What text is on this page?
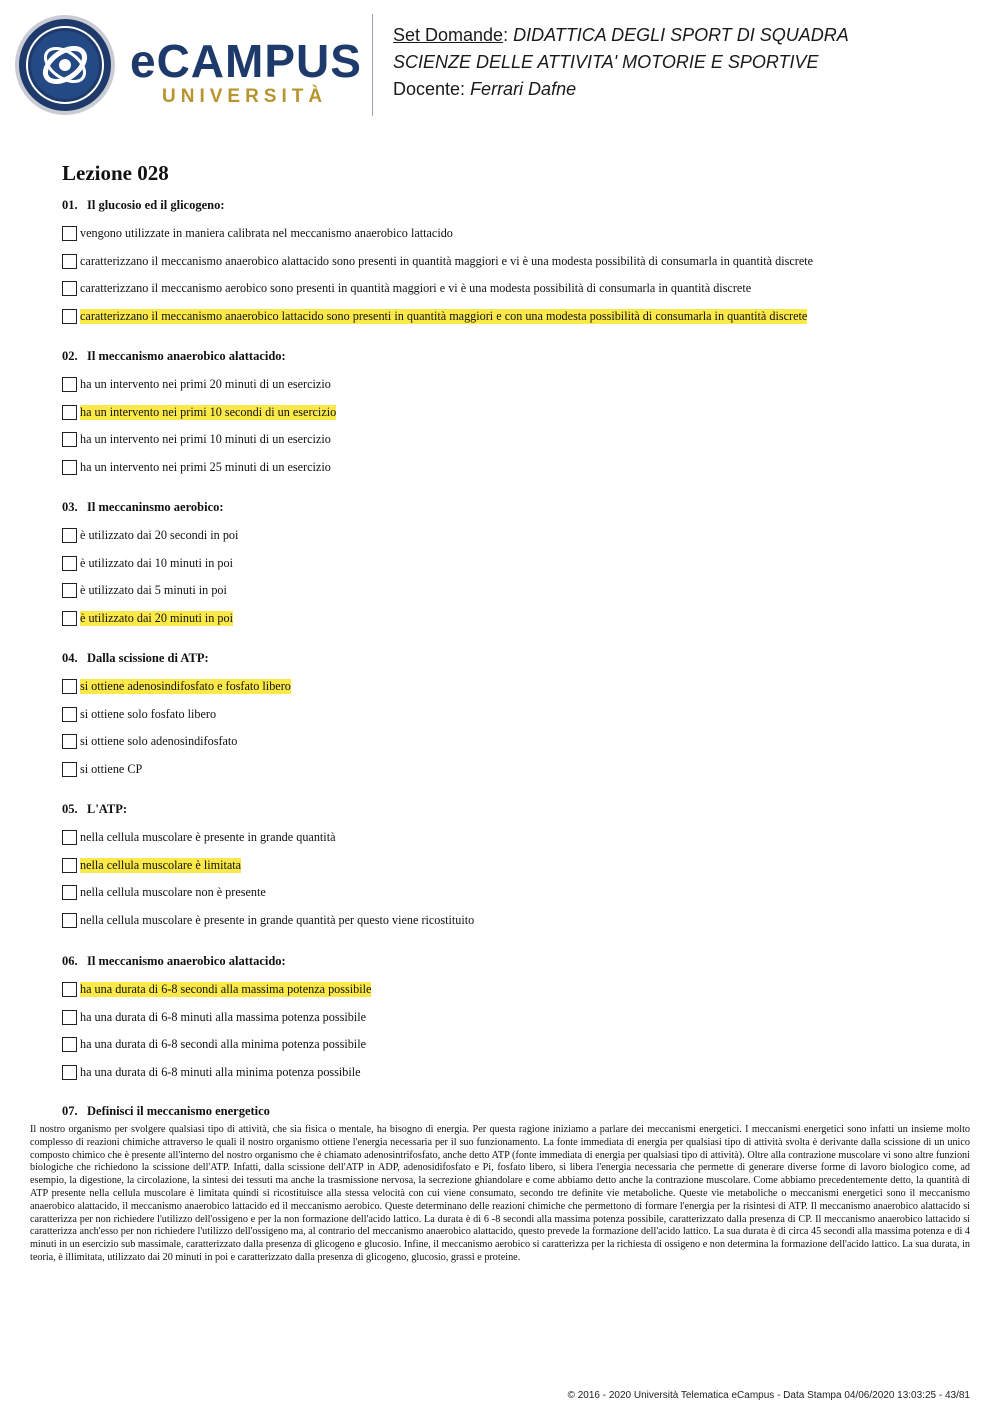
eCAMPUS
UNIVERSITÀ
Set Domande: DIDATTICA DEGLI SPORT DI SQUADRA
SCIENZE DELLE ATTIVITA' MOTORIE E SPORTIVE
Docente: Ferrari Dafne
Lezione 028
01. Il glucosio ed il glicogeno:
vengono utilizzate in maniera calibrata nel meccanismo anaerobico lattacido
caratterizzano il meccanismo anaerobico alattacido sono presenti in quantità maggiori e vi è una modesta possibilità di consumarla in quantità discrete
caratterizzano il meccanismo aerobico sono presenti in quantità maggiori e vi è una modesta possibilità di consumarla in quantità discrete
caratterizzano il meccanismo anaerobico lattacido sono presenti in quantità maggiori e con una modesta possibilità di consumarla in quantità discrete
02. Il meccanismo anaerobico alattacido:
ha un intervento nei primi 20 minuti di un esercizio
ha un intervento nei primi 10 secondi di un esercizio
ha un intervento nei primi 10 minuti di un esercizio
ha un intervento nei primi 25 minuti di un esercizio
03. Il meccaninsmo aerobico:
è utilizzato dai 20 secondi in poi
è utilizzato dai 10 minuti in poi
è utilizzato dai 5 minuti in poi
è utilizzato dai 20 minuti in poi
04. Dalla scissione di ATP:
si ottiene adenosindifosfato e fosfato libero
si ottiene solo fosfato libero
si ottiene solo adenosindifosfato
si ottiene CP
05. L'ATP:
nella cellula muscolare è presente in grande quantità
nella cellula muscolare è limitata
nella cellula muscolare non è presente
nella cellula muscolare è presente in grande quantità per questo viene ricostituito
06. Il meccanismo anaerobico alattacido:
ha una durata di 6-8 secondi alla massima potenza possibile
ha una durata di 6-8 minuti alla massima potenza possibile
ha una durata di 6-8 secondi alla minima potenza possibile
ha una durata di 6-8 minuti alla minima potenza possibile
07. Definisci il meccanismo energetico
Il nostro organismo per svolgere qualsiasi tipo di attività, che sia fisica o mentale, ha bisogno di energia. Per questa ragione iniziamo a parlare dei meccanismi energetici. I meccanismi energetici sono infatti un insieme molto complesso di reazioni chimiche attraverso le quali il nostro organismo ottiene l'energia necessaria per il suo funzionamento. La fonte immediata di energia per qualsiasi tipo di attività svolta è derivante dalla scissione di un unico composto chimico che è presente all'interno del nostro organismo che è chiamato adenosintrifosfato, anche detto ATP (fonte immediata di energia per qualsiasi tipo di attività). Oltre alla contrazione muscolare vi sono altre funzioni biologiche che richiedono la scissione dell'ATP. Infatti, dalla scissione dell'ATP in ADP, adenosidifosfato e Pi, fosfato libero, si libera l'energia necessaria che permette di generare diverse forme di lavoro biologico come, ad esempio, la digestione, la circolazione, la sintesi dei tessuti ma anche la trasmissione nervosa, la secrezione ghiandolare e come abbiamo detto anche la contrazione muscolare. Come abbiamo precedentemente detto, la quantità di ATP presente nella cellula muscolare è limitata quindi si ricostituisce alla stessa velocità con cui viene consumato, secondo tre definite vie metaboliche. Queste vie metaboliche o meccanismi energetici sono il meccanismo anaerobico alattacido, il meccanismo anaerobico lattacido ed il meccanismo aerobico. Queste determinano delle reazioni chimiche che permettono di formare l'energia per la risintesi di ATP. Il meccanismo anaerobico alattacido si caratterizza per non richiedere l'utilizzo dell'ossigeno e per la non formazione dell'acido lattico. La durata è di 6 -8 secondi alla massima potenza possibile, caratterizzato dalla presenza di CP. Il meccanismo anaerobico lattacido si caratterizza anch'esso per non richiedere l'utilizzo dell'ossigeno ma, al contrario del meccanismo anaerobico alattacido, questo prevede la formazione dell'acido lattico. La sua durata è di circa 45 secondi alla massima potenza e di 4 minuti in un esercizio sub massimale, caratterizzato dalla presenza di glicogeno e glucosio. Infine, il meccanismo aerobico si caratterizza per la richiesta di ossigeno e non determina la formazione dell'acido lattico. La sua durata, in teoria, è illimitata, utilizzato dai 20 minuti in poi e caratterizzato dalla presenza di glicogeno, glucosio, grassi e proteine.
© 2016 - 2020 Università Telematica eCampus - Data Stampa 04/06/2020 13:03:25 - 43/81
